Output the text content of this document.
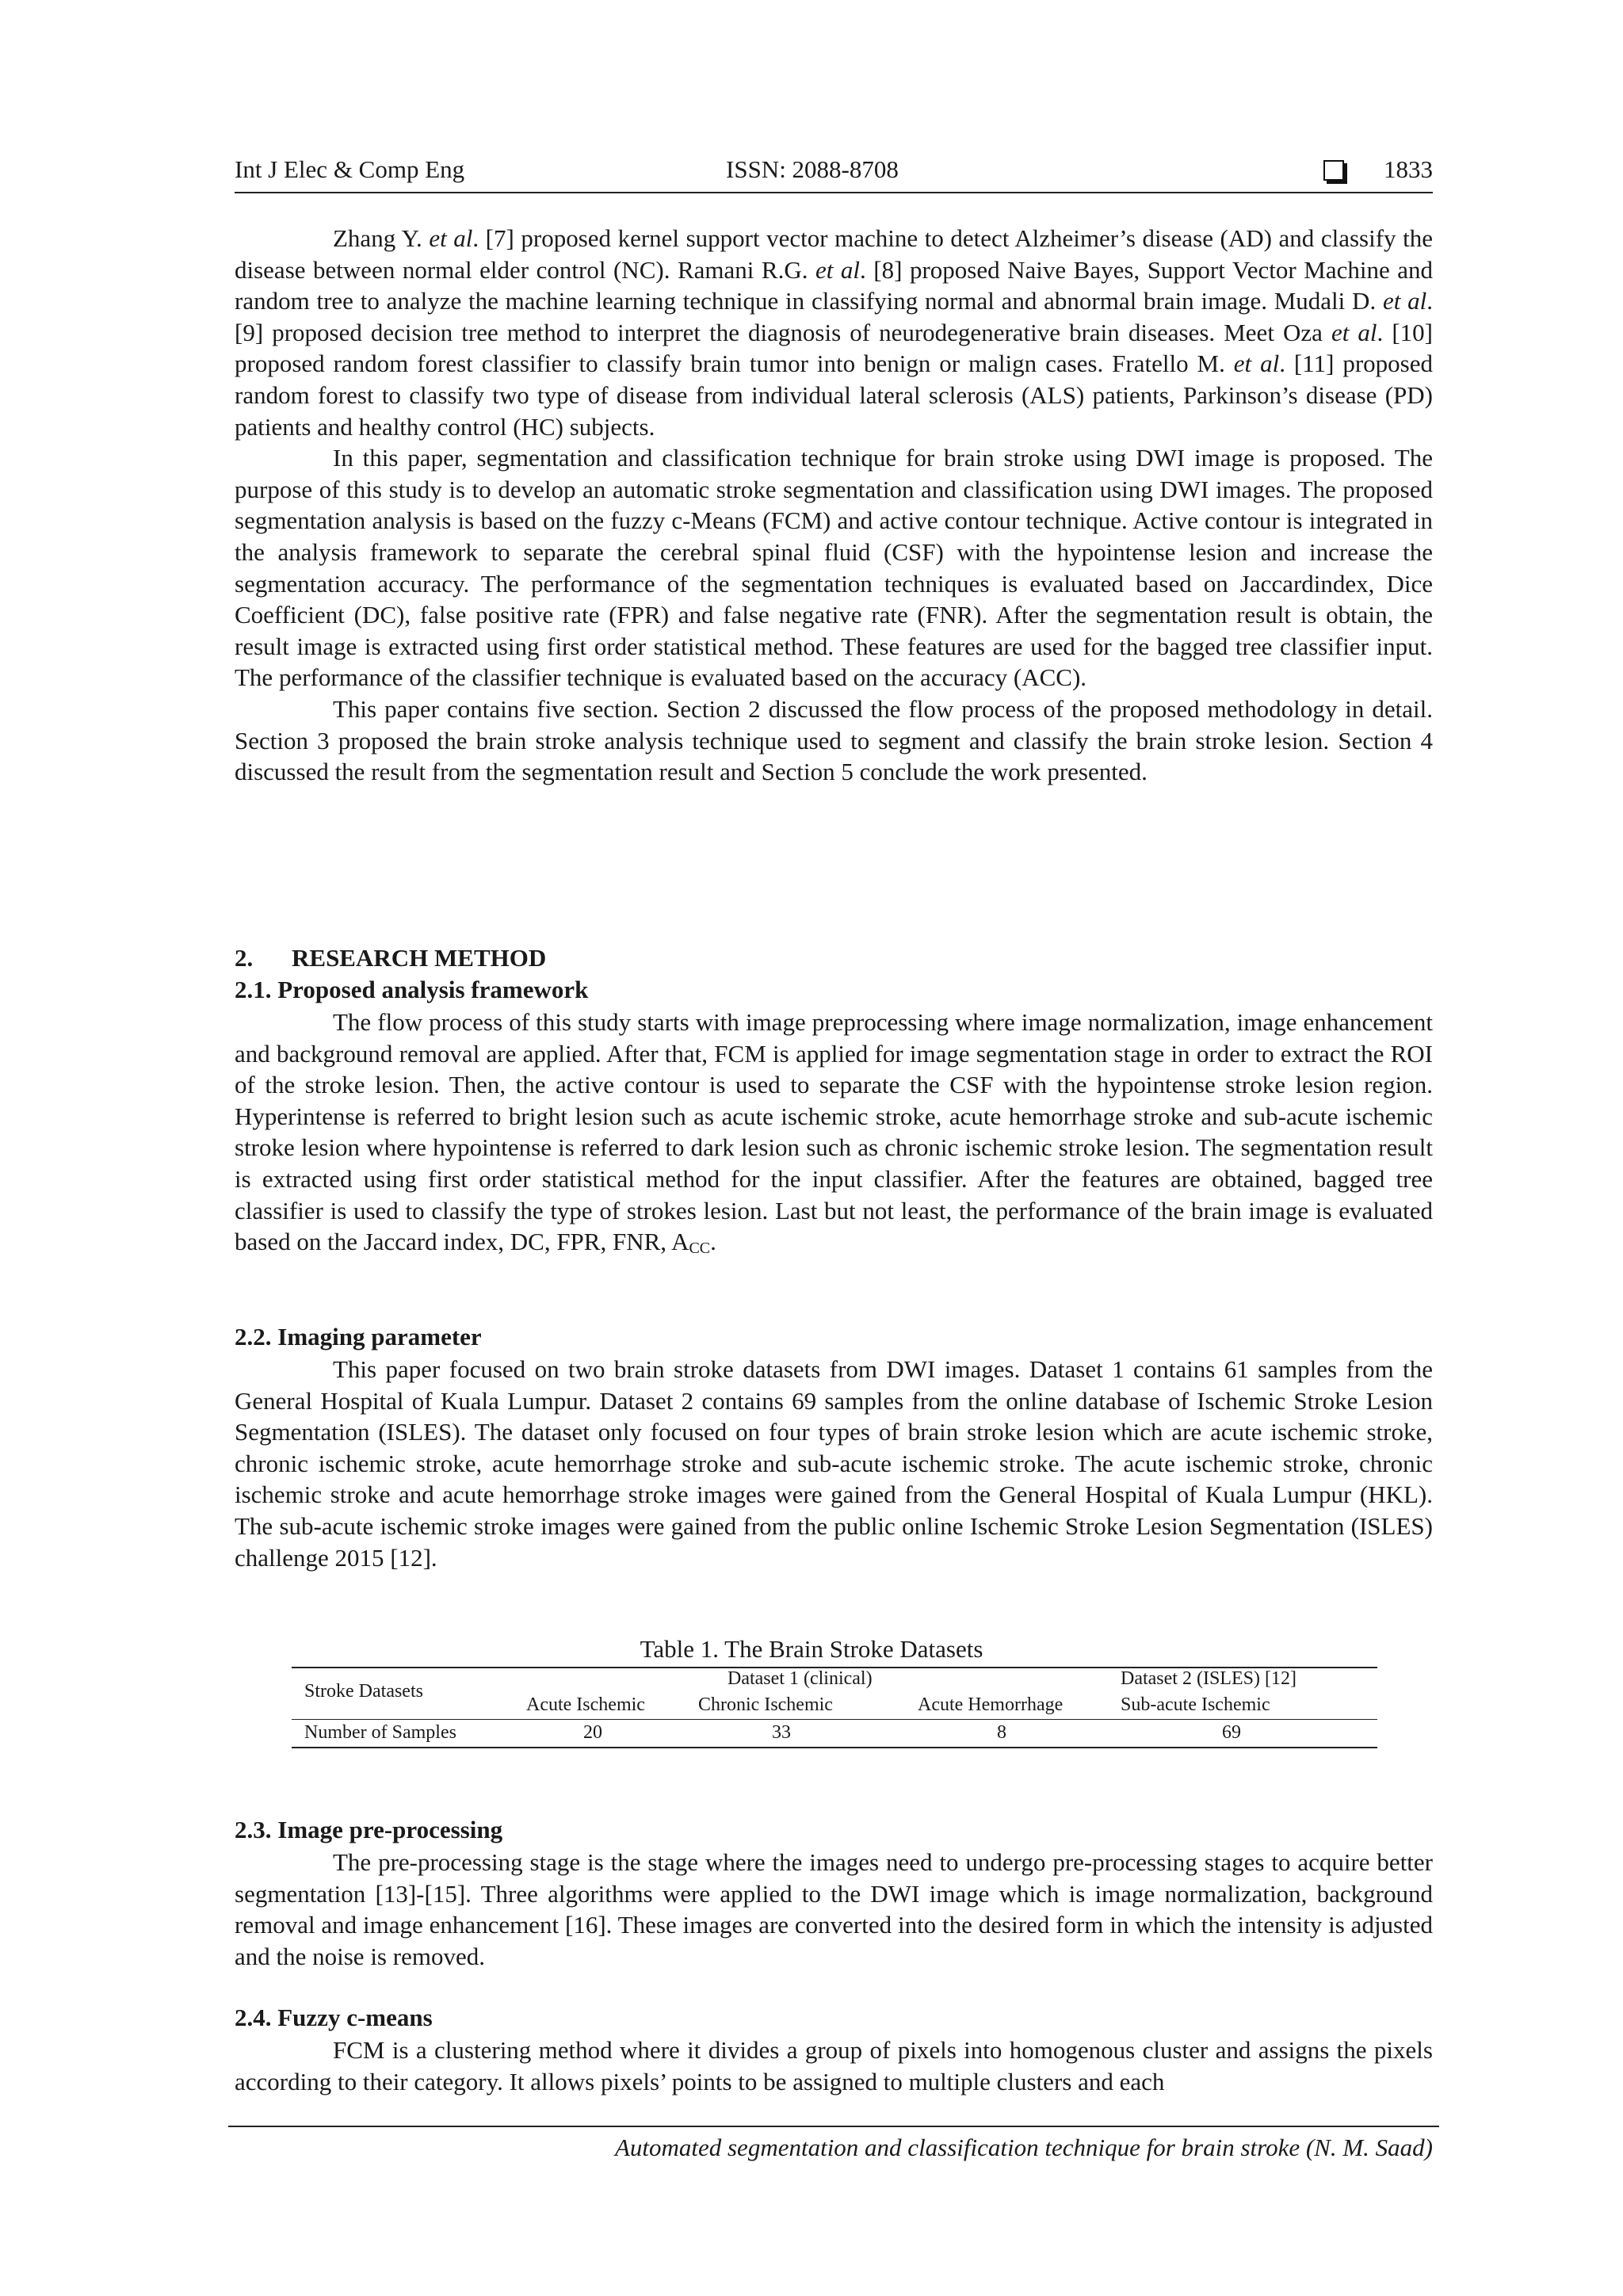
Int J Elec & Comp Eng	ISSN: 2088-8708	1833

Zhang Y. et al. [7] proposed kernel support vector machine to detect Alzheimer’s disease (AD) and classify the disease between normal elder control (NC). Ramani R.G. et al. [8] proposed Naive Bayes, Support Vector Machine and random tree to analyze the machine learning technique in classifying normal and abnormal brain image. Mudali D. et al. [9] proposed decision tree method to interpret the diagnosis of neurodegenerative brain diseases. Meet Oza et al. [10] proposed random forest classifier to classify brain tumor into benign or malign cases. Fratello M. et al. [11] proposed random forest to classify two type of disease from individual lateral sclerosis (ALS) patients, Parkinson’s disease (PD) patients and healthy control (HC) subjects.

In this paper, segmentation and classification technique for brain stroke using DWI image is proposed. The purpose of this study is to develop an automatic stroke segmentation and classification using DWI images. The proposed segmentation analysis is based on the fuzzy c-Means (FCM) and active contour technique. Active contour is integrated in the analysis framework to separate the cerebral spinal fluid (CSF) with the hypointense lesion and increase the segmentation accuracy. The performance of the segmentation techniques is evaluated based on Jaccardindex, Dice Coefficient (DC), false positive rate (FPR) and false negative rate (FNR). After the segmentation result is obtain, the result image is extracted using first order statistical method. These features are used for the bagged tree classifier input. The performance of the classifier technique is evaluated based on the accuracy (ACC).

This paper contains five section. Section 2 discussed the flow process of the proposed methodology in detail. Section 3 proposed the brain stroke analysis technique used to segment and classify the brain stroke lesion. Section 4 discussed the result from the segmentation result and Section 5 conclude the work presented.

2. RESEARCH METHOD
2.1. Proposed analysis framework

The flow process of this study starts with image preprocessing where image normalization, image enhancement and background removal are applied. After that, FCM is applied for image segmentation stage in order to extract the ROI of the stroke lesion. Then, the active contour is used to separate the CSF with the hypointense stroke lesion region. Hyperintense is referred to bright lesion such as acute ischemic stroke, acute hemorrhage stroke and sub-acute ischemic stroke lesion where hypointense is referred to dark lesion such as chronic ischemic stroke lesion. The segmentation result is extracted using first order statistical method for the input classifier. After the features are obtained, bagged tree classifier is used to classify the type of strokes lesion. Last but not least, the performance of the brain image is evaluated based on the Jaccard index, DC, FPR, FNR, $A_{CC}$.

2.2. Imaging parameter

This paper focused on two brain stroke datasets from DWI images. Dataset 1 contains 61 samples from the General Hospital of Kuala Lumpur. Dataset 2 contains 69 samples from the online database of Ischemic Stroke Lesion Segmentation (ISLES). The dataset only focused on four types of brain stroke lesion which are acute ischemic stroke, chronic ischemic stroke, acute hemorrhage stroke and sub-acute ischemic stroke. The acute ischemic stroke, chronic ischemic stroke and acute hemorrhage stroke images were gained from the General Hospital of Kuala Lumpur (HKL). The sub-acute ischemic stroke images were gained from the public online Ischemic Stroke Lesion Segmentation (ISLES) challenge 2015 [12].

Table 1. The Brain Stroke Datasets
Stroke Datasets
Dataset 1 (clinical)	Dataset 2 (ISLES) [12]
Acute Ischemic	Chronic Ischemic	Acute Hemorrhage	Sub-acute Ischemic
Number of Samples	20	33	8	69
2.3. Image pre-processing

The pre-processing stage is the stage where the images need to undergo pre-processing stages to acquire better segmentation [13]-[15]. Three algorithms were applied to the DWI image which is image normalization, background removal and image enhancement [16]. These images are converted into the desired form in which the intensity is adjusted and the noise is removed.

2.4. Fuzzy c-means

FCM is a clustering method where it divides a group of pixels into homogenous cluster and assigns the pixels according to their category. It allows pixels’ points to be assigned to multiple clusters and each

Automated segmentation and classification technique for brain stroke (N. M. Saad)
